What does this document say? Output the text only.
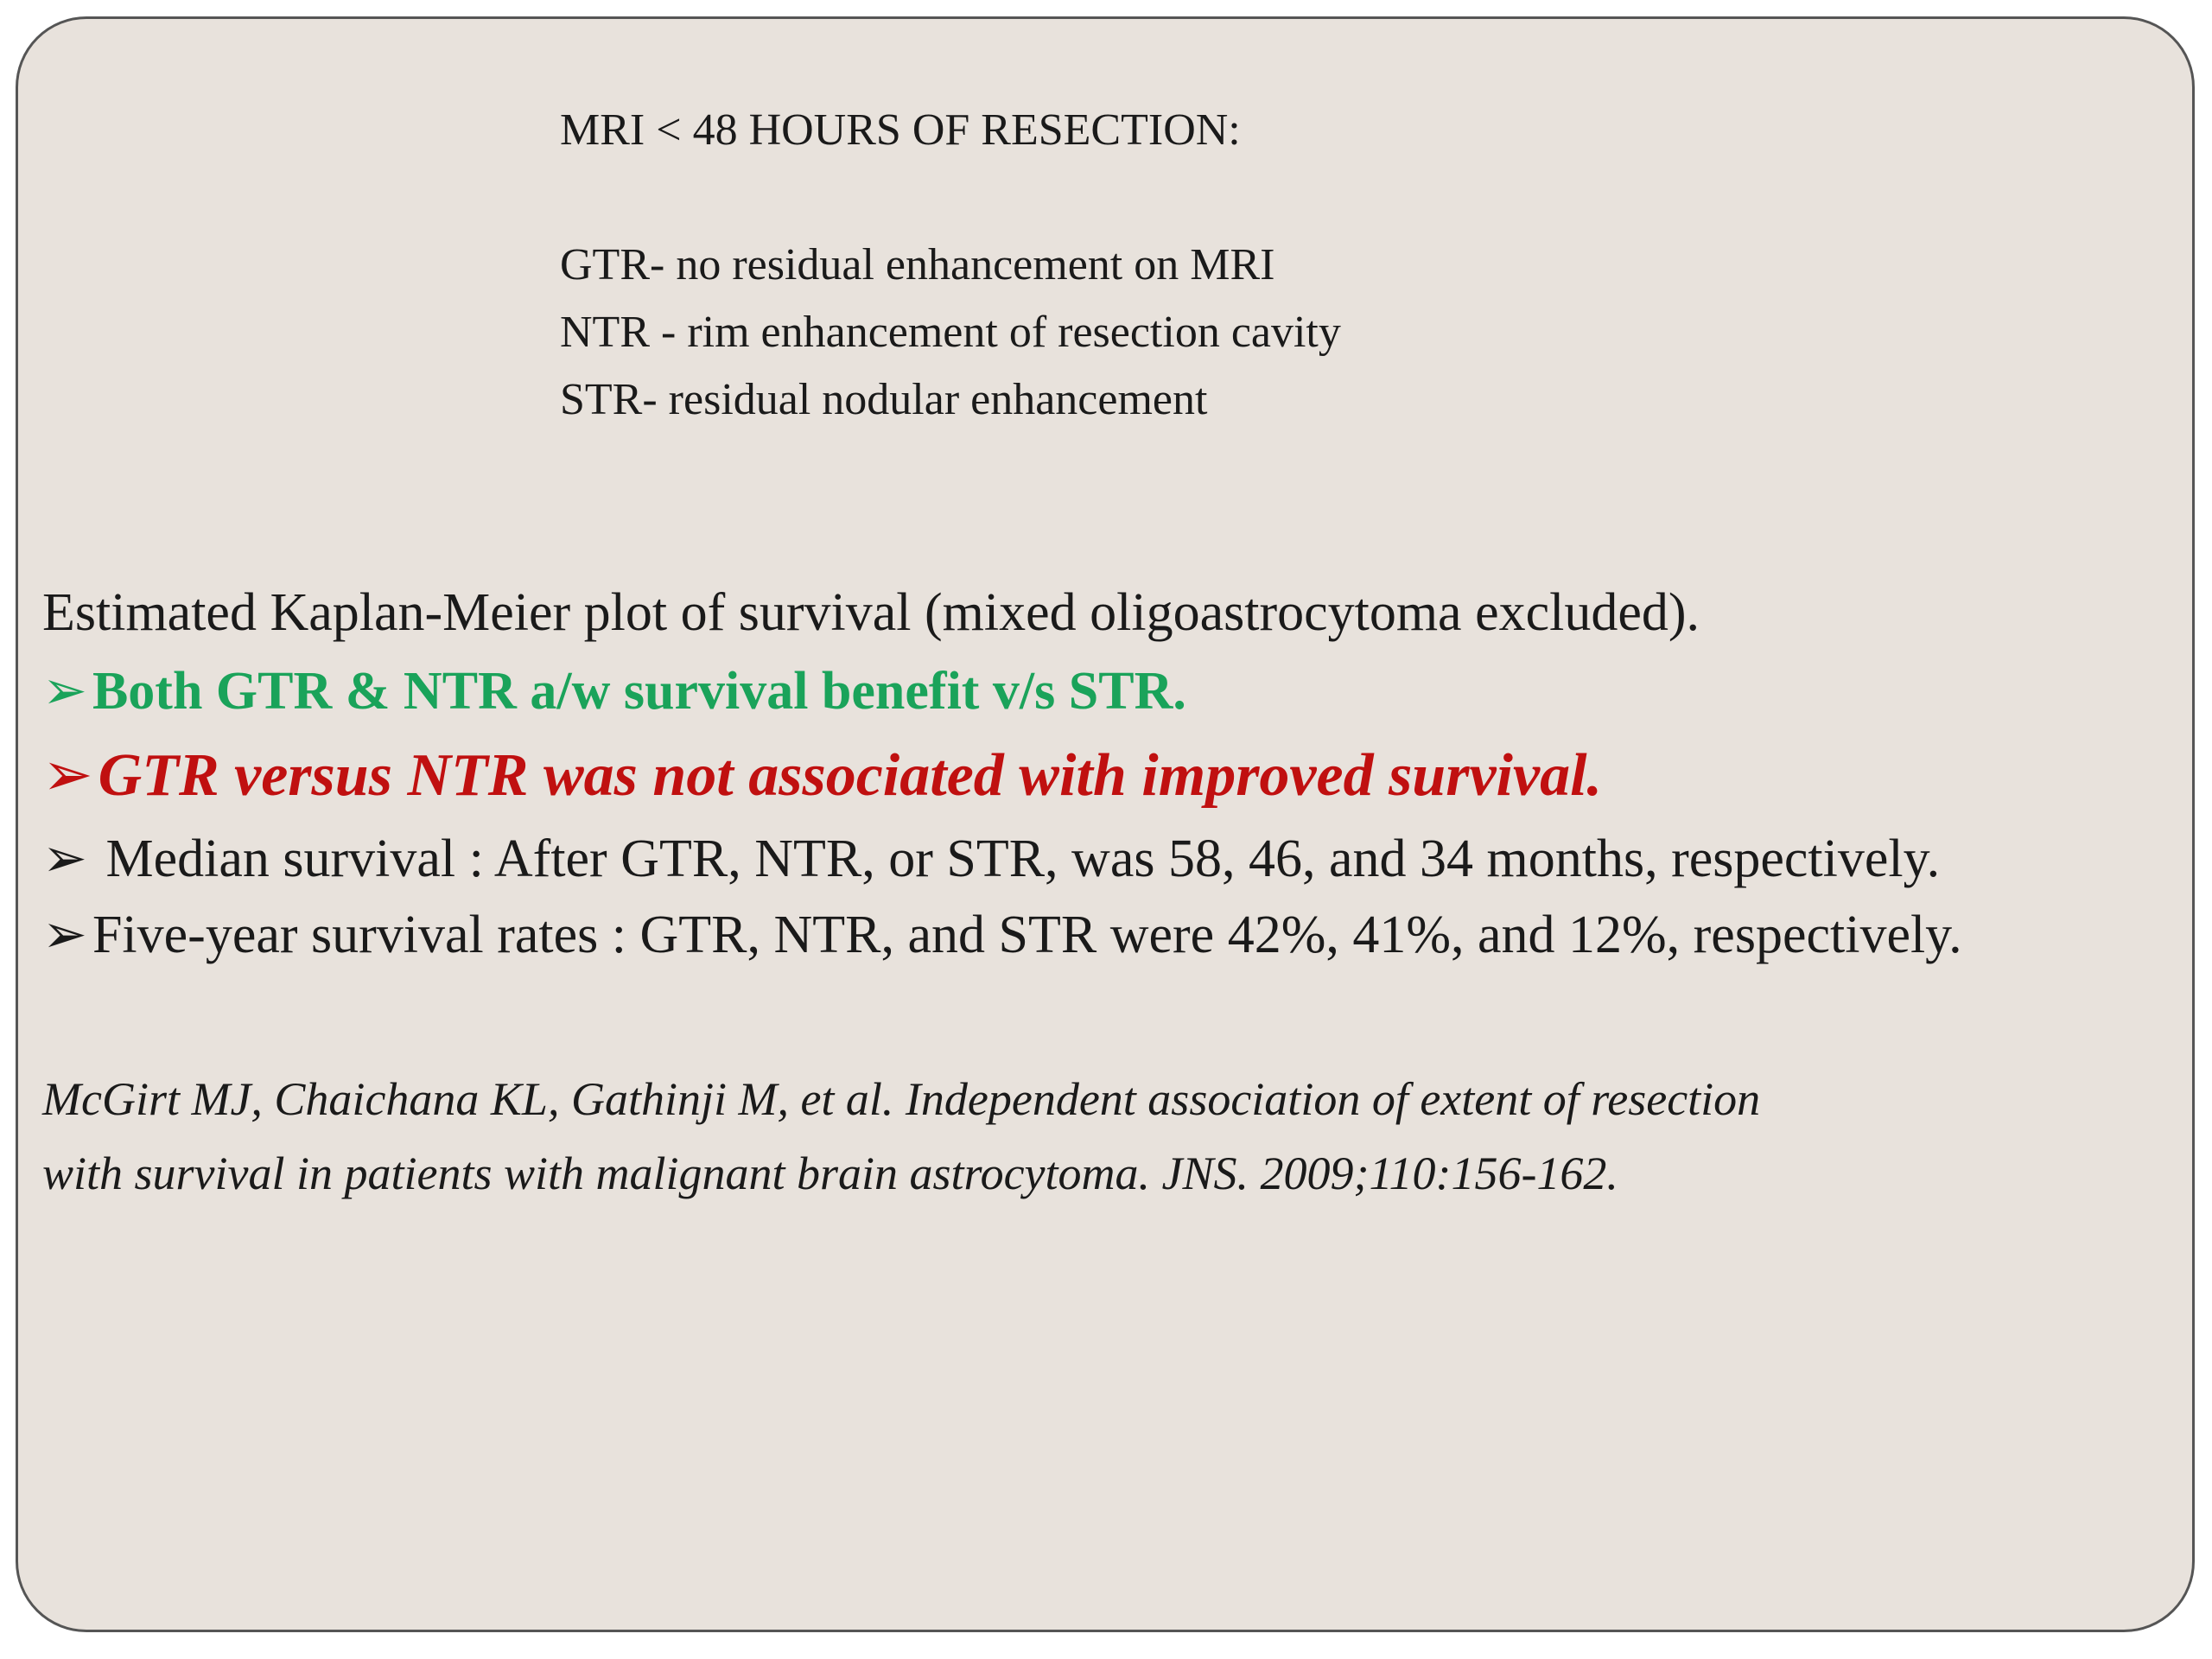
MRI < 48 HOURS OF RESECTION:
GTR- no residual enhancement on MRI
NTR - rim enhancement of resection cavity
STR- residual nodular enhancement
Estimated Kaplan-Meier plot of survival (mixed oligoastrocytoma excluded).
➢Both GTR & NTR a/w survival benefit v/s STR.
➢GTR versus NTR was not associated with improved survival.
➢ Median survival : After GTR, NTR, or STR, was 58, 46, and 34 months, respectively.
➢Five-year survival rates : GTR, NTR, and STR were 42%, 41%, and 12%, respectively.
McGirt MJ, Chaichana KL, Gathinji M, et al. Independent association of extent of resection
with survival in patients with malignant brain astrocytoma. JNS. 2009;110:156-162.
